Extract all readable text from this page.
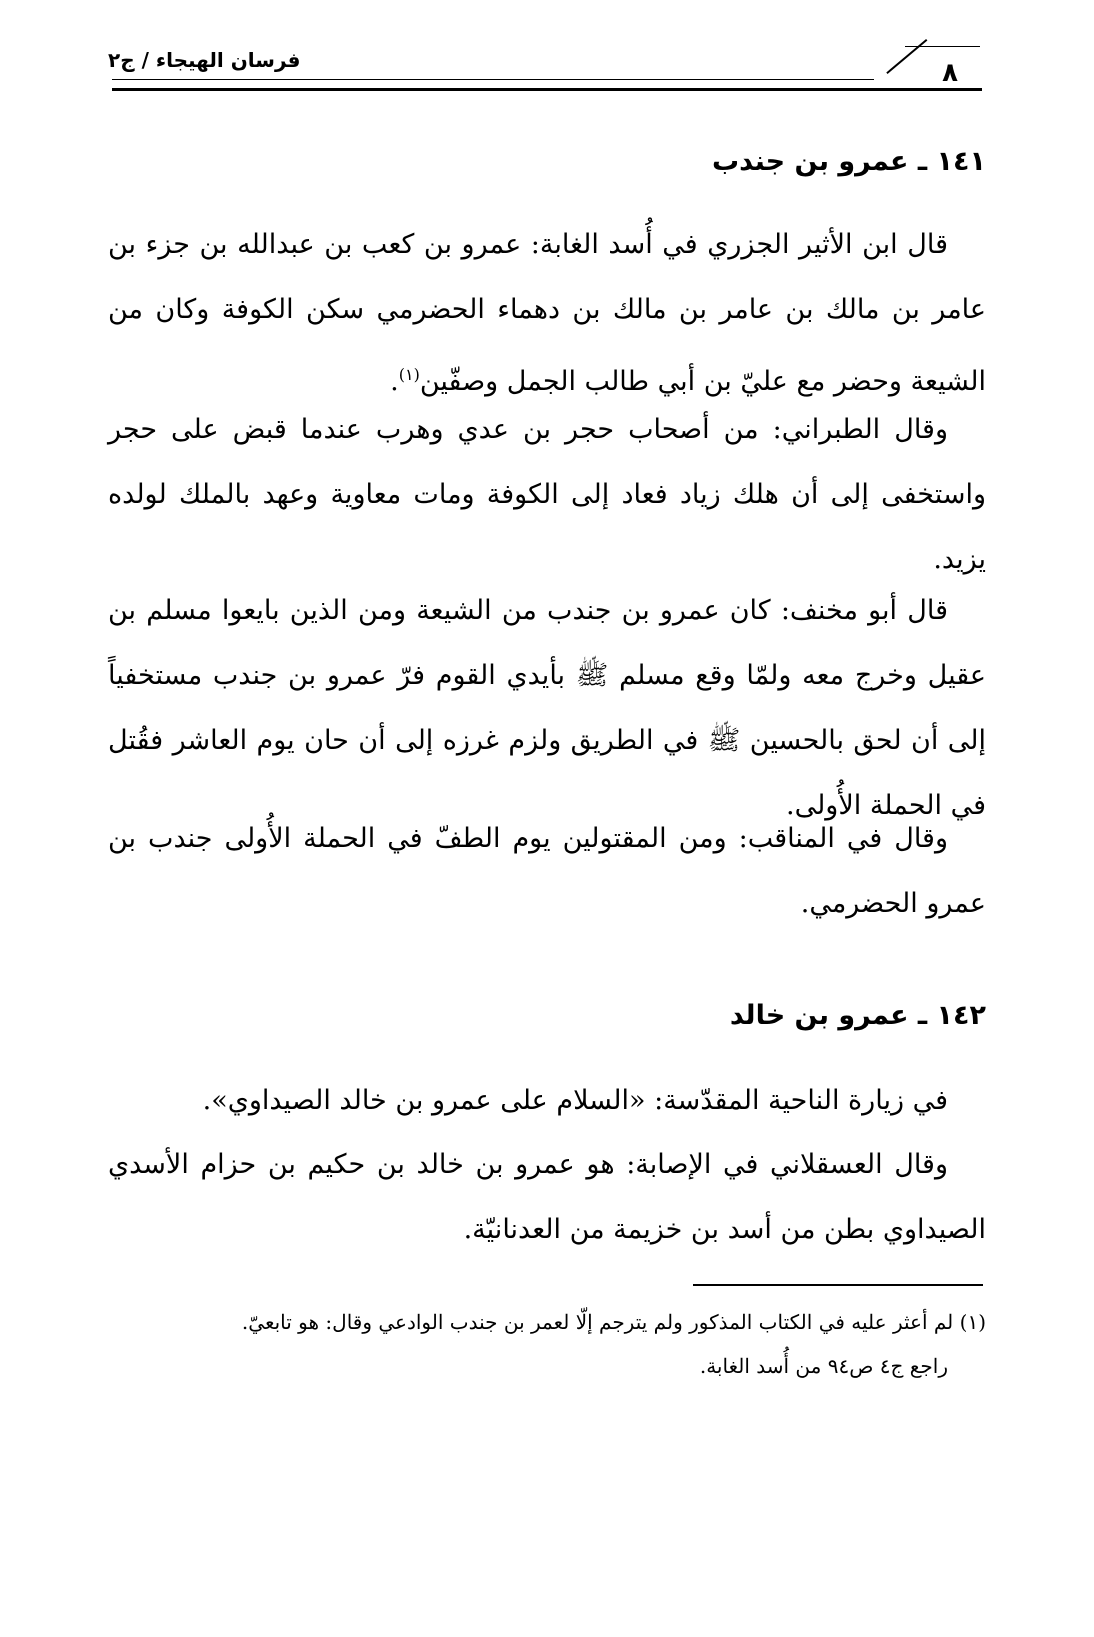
فرسان الهيجاء / ج٢	٨
١٤١ ـ عمرو بن جندب
قال ابن الأثير الجزري في أُسد الغابة: عمرو بن كعب بن عبدالله بن جزء بن عامر بن مالك بن عامر بن مالك بن دهماء الحضرمي سكن الكوفة وكان من الشيعة وحضر مع عليّ بن أبي طالب الجمل وصفّين$^{(١)}$.
وقال الطبراني: من أصحاب حجر بن عدي وهرب عندما قبض على حجر واستخفى إلى أن هلك زياد فعاد إلى الكوفة ومات معاوية وعهد بالملك لولده يزيد.
قال أبو مخنف: كان عمرو بن جندب من الشيعة ومن الذين بايعوا مسلم بن عقيل وخرج معه ولمّا وقع مسلم ﷺ بأيدي القوم فرّ عمرو بن جندب مستخفياً إلى أن لحق بالحسين ﷺ في الطريق ولزم غرزه إلى أن حان يوم العاشر فقُتل في الحملة الأُولى.
وقال في المناقب: ومن المقتولين يوم الطفّ في الحملة الأُولى جندب بن عمرو الحضرمي.
١٤٢ ـ عمرو بن خالد
في زيارة الناحية المقدّسة: «السلام على عمرو بن خالد الصيداوي».
وقال العسقلاني في الإصابة: هو عمرو بن خالد بن حكيم بن حزام الأسدي الصيداوي بطن من أسد بن خزيمة من العدنانيّة.
(١) لم أعثر عليه في الكتاب المذكور ولم يترجم إلّا لعمر بن جندب الوادعي وقال: هو تابعيّ.
راجع ج٤ ص٩٤ من أُسد الغابة.
